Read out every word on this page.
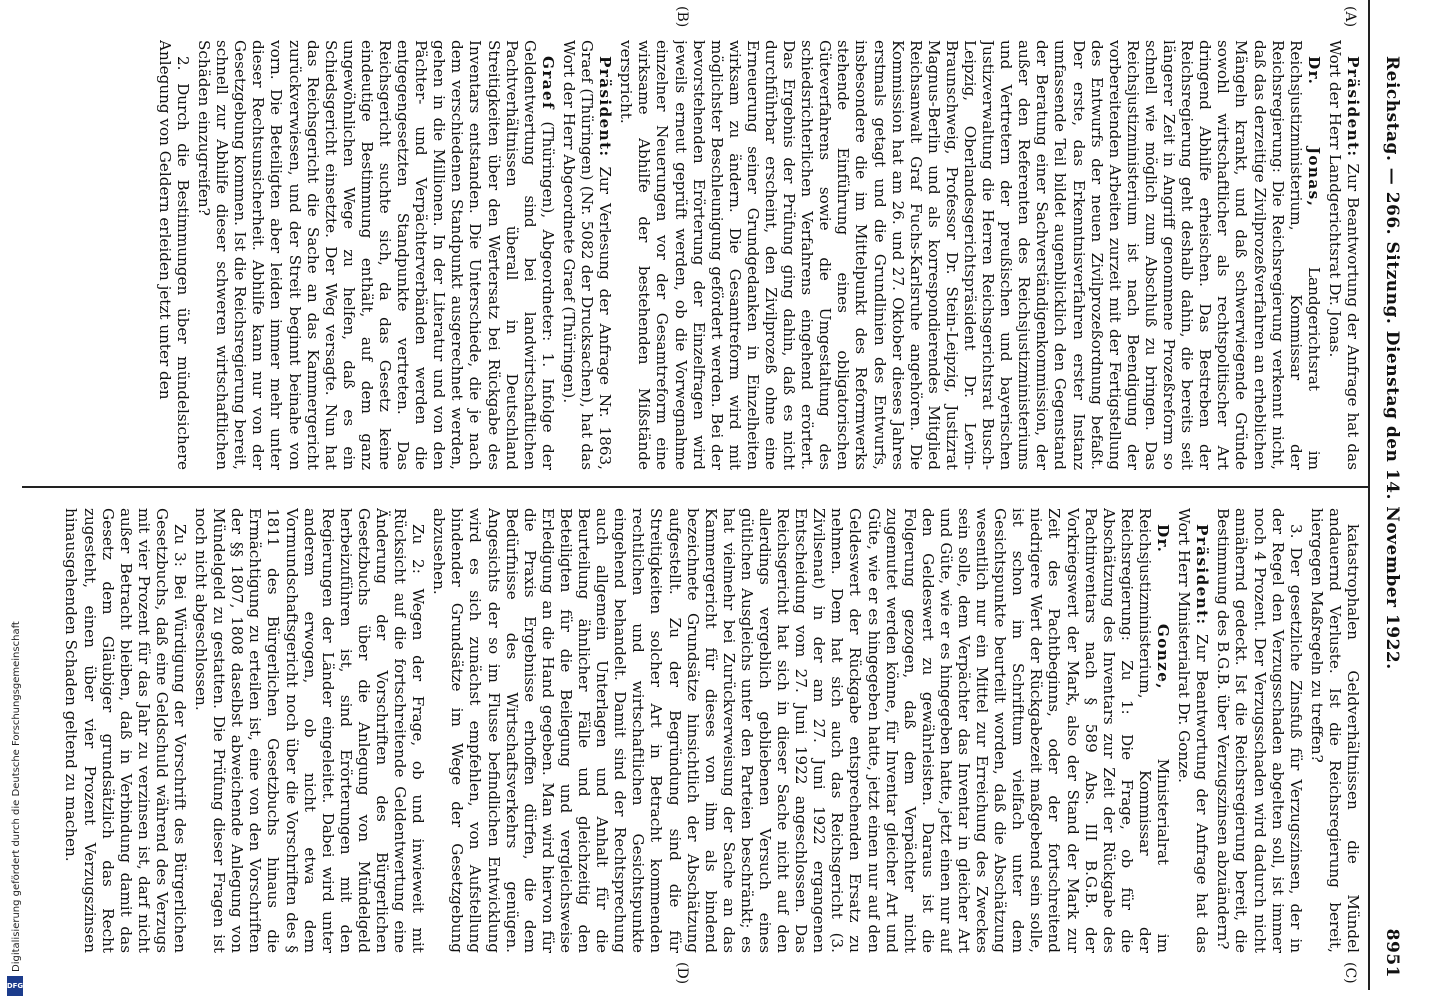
Reichstag. — 266. Sitzung. Dienstag den 14. November 1922.
8951
(A)
(B)
(C)
(D)

Präsident: Zur Beantwortung der Anfrage hat das Wort der Herr Landgerichtsrat Dr. Jonas.

Dr. Jonas, Landgerichtsrat im Reichsjustizministerium, Kommissar der Reichsregierung: Die Reichsregierung verkennt nicht, daß das derzeitige Zivilprozeßverfahren an erheblichen Mängeln krankt, und daß schwerwiegende Gründe sowohl wirtschaftlicher als rechtspolitischer Art dringend Abhilfe erheischen. Das Bestreben der Reichsregierung geht deshalb dahin, die bereits seit längerer Zeit in Angriff genommene Prozeßreform so schnell wie möglich zum Abschluß zu bringen. Das Reichsjustizministerium ist nach Beendigung der vorbereitenden Arbeiten zurzeit mit der Fertigstellung des Entwurfs der neuen Zivilprozeßordnung befaßt. Der erste, das Erkenntnisverfahren erster Instanz umfassende Teil bildet augenblicklich den Gegenstand der Beratung einer Sachverständigenkommission, der außer den Referenten des Reichsjustizministeriums und Vertretern der preußischen und bayerischen Justizverwaltung die Herren Reichsgerichtsrat Busch-Leipzig, Oberlandesgerichtspräsident Dr. Levin-Braunschweig, Professor Dr. Stein-Leipzig, Justizrat Magnus-Berlin und als korrespondierendes Mitglied Reichsanwalt Graf Fuchs-Karlsruhe angehören. Die Kommission hat am 26. und 27. Oktober dieses Jahres erstmals getagt und die Grundlinien des Entwurfs, insbesondere die im Mittelpunkt des Reformwerks stehende Einführung eines obligatorischen Güteverfahrens sowie die Umgestaltung des schiedsrichterlichen Verfahrens eingehend erörtert. Das Ergebnis der Prüfung ging dahin, daß es nicht durchführbar erscheint, den Zivilprozeß ohne eine Erneuerung seiner Grundgedanken in Einzelheiten wirksam zu ändern. Die Gesamtreform wird mit möglichster Beschleunigung gefördert werden. Bei der bevorstehenden Erörterung der Einzelfragen wird jeweils erneut geprüft werden, ob die Vorwegnahme einzelner Neuerungen vor der Gesamtreform eine wirksame Abhilfe der bestehenden Mißstände verspricht.

Präsident: Zur Verlesung der Anfrage Nr. 1863, Graef (Thüringen) (Nr. 5082 der Drucksachen), hat das Wort der Herr Abgeordnete Graef (Thüringen).

Graef (Thüringen), Abgeordneter: 1. Infolge der Geldentwertung sind bei landwirtschaftlichen Pachtverhältnissen überall in Deutschland Streitigkeiten über den Wertersatz bei Rückgabe des Inventars entstanden. Die Unterschiede, die je nach dem verschiedenen Standpunkt ausgerechnet werden, gehen in die Millionen. In der Literatur und von den Pächter- und Verpächterverbänden werden die entgegengesetzten Standpunkte vertreten. Das Reichsgericht suchte sich, da das Gesetz keine eindeutige Bestimmung enthält, auf dem ganz ungewöhnlichen Wege zu helfen, daß es ein Schiedsgericht einsetzte. Der Weg versagte. Nun hat das Reichsgericht die Sache an das Kammergericht zurückverwiesen, und der Streit beginnt beinahe von vorn. Die Beteiligten aber leiden immer mehr unter dieser Rechtsunsicherheit. Abhilfe kann nur von der Gesetzgebung kommen. Ist die Reichsregierung bereit, schnell zur Abhilfe dieser schweren wirtschaftlichen Schäden einzugreifen?

2. Durch die Bestimmungen über mündelsichere Anlegung von Geldern erleiden jetzt unter den

katastrophalen Geldverhältnissen die Mündel andauernd Verluste. Ist die Reichsregierung bereit, hiergegen Maßregeln zu treffen?

3. Der gesetzliche Zinsfuß für Verzugszinsen, der in der Regel den Verzugsschaden abgelten soll, ist immer noch 4 Prozent. Der Verzugsschaden wird dadurch nicht annähernd gedeckt. Ist die Reichsregierung bereit, die Bestimmung des B.G.B. über Verzugszinsen abzuändern?

Präsident: Zur Beantwortung der Anfrage hat das Wort Herr Ministerialrat Dr. Gonze.

Dr. Gonze, Ministerialrat im Reichsjustizministerium, Kommissar der Reichsregierung: Zu 1: Die Frage, ob für die Abschätzung des Inventars zur Zeit der Rückgabe des Pachtinventars nach § 589 Abs. III B.G.B. der Vorkriegswert der Mark, also der Stand der Mark zur Zeit des Pachtbeginns, oder der fortschreitend niedrigere Wert der Rückgabezeit maßgebend sein solle, ist schon im Schrifttum vielfach unter dem Gesichtspunkte beurteilt worden, daß die Abschätzung wesentlich nur ein Mittel zur Erreichung des Zweckes sein solle, dem Verpächter das Inventar in gleicher Art und Güte, wie er es hingegeben hatte, jetzt einen nur auf den Geldeswert zu gewährleisten. Daraus ist die Folgerung gezogen, daß dem Verpächter nicht zugemutet werden könne, für Inventar gleicher Art und Güte, wie er es hingegeben hatte, jetzt einen nur auf den Geldeswert der Rückgabe entsprechenden Ersatz zu nehmen. Dem hat sich auch das Reichsgericht (3. Zivilsenat) in der am 27. Juni 1922 ergangenen Entscheidung vom 27. Juni 1922 angeschlossen. Das Reichsgericht hat sich in dieser Sache nicht auf den allerdings vergeblich gebliebenen Versuch eines gütlichen Ausgleichs unter den Parteien beschränkt; es hat vielmehr bei Zurückverweisung der Sache an das Kammergericht für dieses von ihm als bindend bezeichnete Grundsätze hinsichtlich der Abschätzung aufgestellt. Zu der Begründung sind die für Streitigkeiten solcher Art in Betracht kommenden rechtlichen und wirtschaftlichen Gesichtspunkte eingehend behandelt. Damit sind der Rechtsprechung auch allgemein Unterlagen und Anhalt für die Beurteilung ähnlicher Fälle und gleichzeitig den Beteiligten für die Beilegung und vergleichsweise Erledigung an die Hand gegeben. Man wird hiervon für die Praxis Ergebnisse erhoffen dürfen, die dem Bedürfnisse des Wirtschaftsverkehrs genügen. Angesichts der so im Flusse befindlichen Entwicklung wird es sich zunächst empfehlen, von Aufstellung bindender Grundsätze im Wege der Gesetzgebung abzusehen.

Zu 2: Wegen der Frage, ob und inwieweit mit Rücksicht auf die fortschreitende Geldentwertung eine Änderung der Vorschriften des Bürgerlichen Gesetzbuchs über die Anlegung von Mündelgeld herbeizuführen ist, sind Erörterungen mit den Regierungen der Länder eingeleitet. Dabei wird unter anderem erwogen, ob nicht etwa dem Vormundschaftsgericht noch über die Vorschriften des § 1811 des Bürgerlichen Gesetzbuchs hinaus die Ermächtigung zu erteilen ist, eine von den Vorschriften der §§ 1807, 1808 daselbst abweichende Anlegung von Mündelgeld zu gestatten. Die Prüfung dieser Fragen ist noch nicht abgeschlossen.

Zu 3: Bei Würdigung der Vorschrift des Bürgerlichen Gesetzbuchs, daß eine Geldschuld während des Verzugs mit vier Prozent für das Jahr zu verzinsen ist, darf nicht außer Betracht bleiben, daß in Verbindung damit das Gesetz dem Gläubiger grundsätzlich das Recht zugesteht, einen über vier Prozent Verzugszinsen hinausgehenden Schaden geltend zu machen.

Digitalisierung gefördert durch die Deutsche Forschungsgemeinschaft
DFG
